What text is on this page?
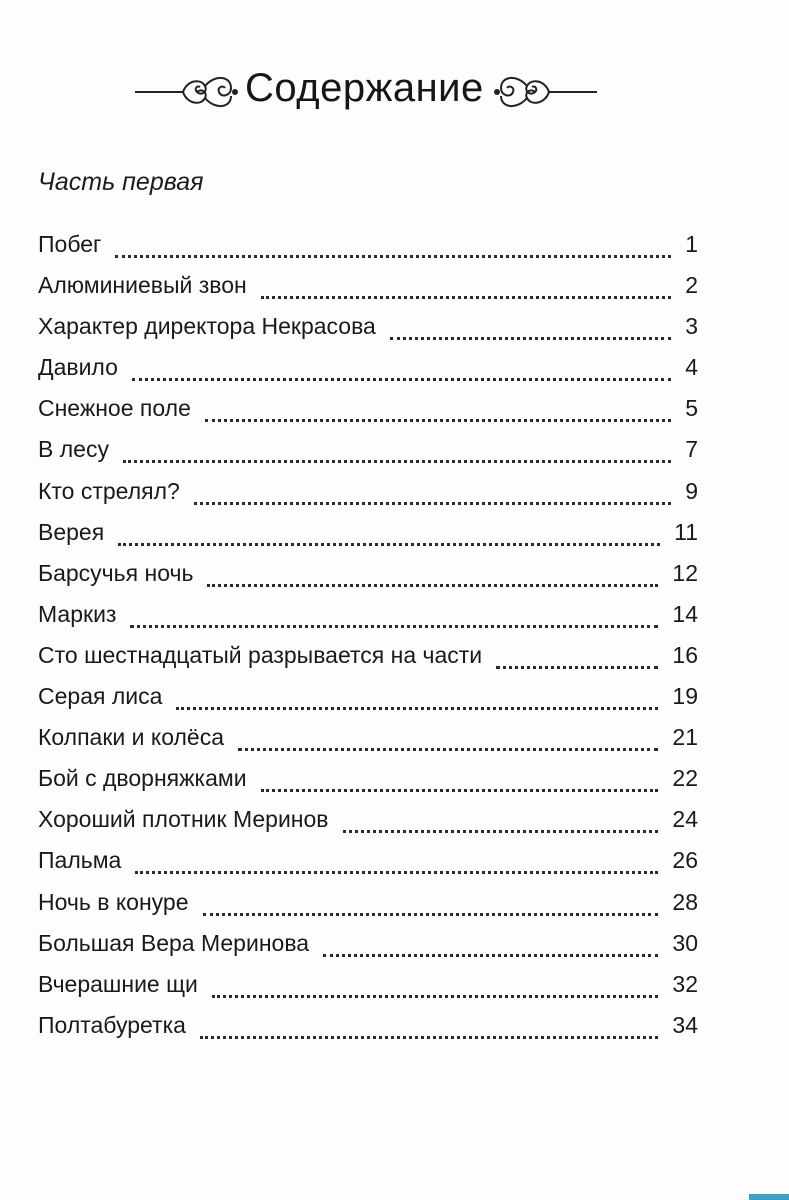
Содержание
Часть первая
Побег	1
Алюминиевый звон	2
Характер директора Некрасова	3
Давило	4
Снежное поле	5
В лесу	7
Кто стрелял?	9
Верея	11
Барсучья ночь	12
Маркиз	14
Сто шестнадцатый разрывается на части	16
Серая лиса	19
Колпаки и колёса	21
Бой с дворняжками	22
Хороший плотник Меринов	24
Пальма	26
Ночь в конуре	28
Большая Вера Меринова	30
Вчерашние щи	32
Полтабуретка	34
